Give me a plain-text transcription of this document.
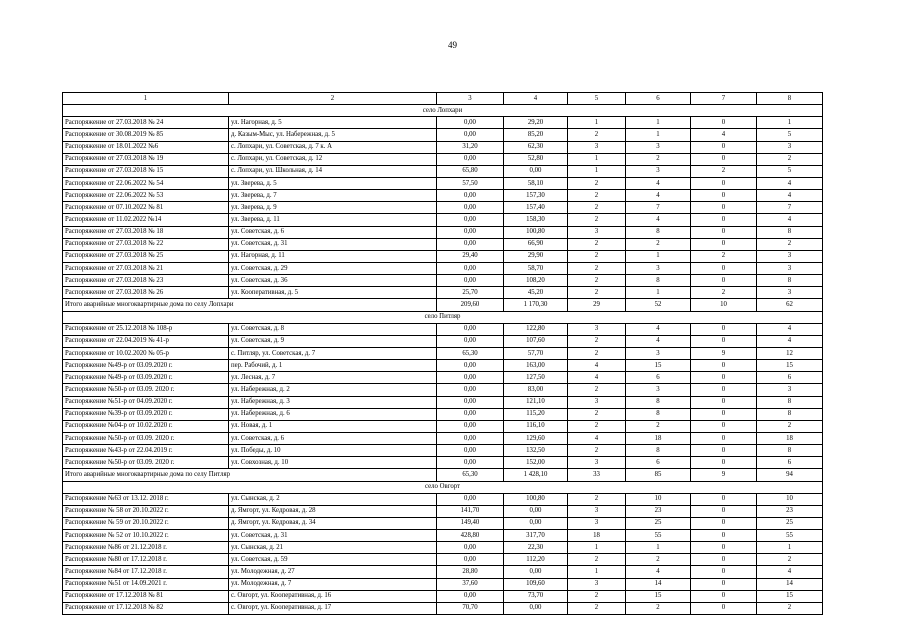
49
1	2	3	4	5	6	7	8
село Лопхари							
Распоряжение от 27.03.2018 № 24	ул. Нагорная, д. 5	0,00	29,20	1	1	0	1
Распоряжение от 30.08.2019 № 85	д. Казым-Мыс, ул. Набережная, д. 5	0,00	85,20	2	1	4	5
Распоряжение от 18.01.2022 №6	с. Лопхари, ул. Советская, д. 7 к. А	31,20	62,30	3	3	0	3
Распоряжение от 27.03.2018 № 19	с. Лопхари, ул. Советская, д. 12	0,00	52,80	1	2	0	2
Распоряжение от 27.03.2018 № 15	с. Лопхари, ул. Школьная, д. 14	65,80	0,00	1	3	2	5
Распоряжение от 22.06.2022 № 54	ул. Зверева, д. 5	57,50	58,10	2	4	0	4
Распоряжение от 22.06.2022 № 53	ул. Зверева, д. 7	0,00	157,30	2	4	0	4
Распоряжение от 07.10.2022 № 81	ул. Зверева, д. 9	0,00	157,40	2	7	0	7
Распоряжение от 11.02.2022 №14	ул. Зверева, д. 11	0,00	158,30	2	4	0	4
Распоряжение от 27.03.2018 № 18	ул. Советская, д. 6	0,00	100,80	3	8	0	8
Распоряжение от 27.03.2018 № 22	ул. Советская, д. 31	0,00	66,90	2	2	0	2
Распоряжение от 27.03.2018 № 25	ул. Нагорная, д. 11	29,40	29,90	2	1	2	3
Распоряжение от 27.03.2018 № 21	ул. Советская, д. 29	0,00	58,70	2	3	0	3
Распоряжение от 27.03.2018 № 23	ул. Советская, д. 36	0,00	108,20	2	8	0	8
Распоряжение от 27.03.2018 № 26	ул. Кооперативная, д. 5	25,70	45,20	2	1	2	3
Итого аварийные многоквартирные дома по селу Лопхари		209,60	1 170,30	29	52	10	62
село Питляр							
Распоряжение от 25.12.2018 № 108-р	ул. Советская, д. 8	0,00	122,80	3	4	0	4
Распоряжение от 22.04.2019 № 41-р	ул. Советская, д. 9	0,00	107,60	2	4	0	4
Распоряжение от 10.02.2020 № 05-р	с. Питляр, ул. Советская, д. 7	65,30	57,70	2	3	9	12
Распоряжение №49-р от 03.09.2020 г.	пер. Рабочий, д. 1	0,00	163,00	4	15	0	15
Распоряжение №49-р от 03.09.2020 г.	ул. Лесная, д. 7	0,00	127,50	4	6	0	6
Распоряжение №50-р от 03.09. 2020 г.	ул. Набережная, д. 2	0,00	83,00	2	3	0	3
Распоряжение №51-р от 04.09.2020 г.	ул. Набережная, д. 3	0,00	121,10	3	8	0	8
Распоряжение №39-р от 03.09.2020 г.	ул. Набережная, д. 6	0,00	115,20	2	8	0	8
Распоряжение №04-р от 10.02.2020 г.	ул. Новая, д. 1	0,00	116,10	2	2	0	2
Распоряжение №50-р от 03.09. 2020 г.	ул. Советская, д. 6	0,00	129,60	4	18	0	18
Распоряжение №43-р от 22.04.2019 г.	ул. Победы, д. 10	0,00	132,50	2	8	0	8
Распоряжение №50-р от 03.09. 2020 г.	ул. Совхозная, д. 10	0,00	152,00	3	6	0	6
Итого аварийные многоквартирные дома по селу Питляр		65,30	1 428,10	33	85	9	94
село Овгорт							
Распоряжение №63 от 13.12. 2018 г.	ул. Сынская, д. 2	0,00	100,80	2	10	0	10
Распоряжение № 58 от 20.10.2022 г.	д. Ямгорт, ул. Кедровая, д. 28	141,70	0,00	3	23	0	23
Распоряжение № 59 от 20.10.2022 г.	д. Ямгорт, ул. Кедровая, д. 34	149,40	0,00	3	25	0	25
Распоряжение № 52 от 10.10.2022 г.	ул. Советская, д. 31	428,80	317,70	18	55	0	55
Распоряжение №86 от 21.12.2018 г.	ул. Сынская, д. 21	0,00	22,30	1	1	0	1
Распоряжение №80 от 17.12.2018 г.	ул. Советская, д. 59	0,00	112,20	2	2	0	2
Распоряжение №84 от 17.12.2018 г.	ул. Молодежная, д. 27	28,80	0,00	1	4	0	4
Распоряжение №51 от 14.09.2021 г.	ул. Молодежная, д. 7	37,60	109,60	3	14	0	14
Распоряжение от 17.12.2018 № 81	с. Овгорт, ул. Кооперативная, д. 16	0,00	73,70	2	15	0	15
Распоряжение от 17.12.2018 № 82	с. Овгорт, ул. Кооперативная, д. 17	70,70	0,00	2	2	0	2
